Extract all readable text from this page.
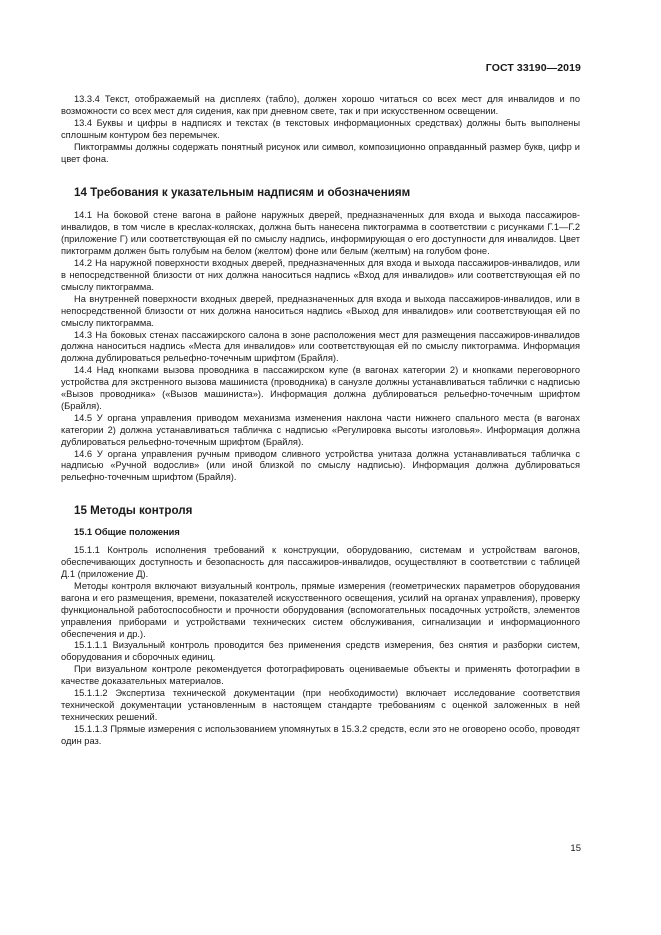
ГОСТ 33190—2019

13.3.4 Текст, отображаемый на дисплеях (табло), должен хорошо читаться со всех мест для инвалидов и по возможности со всех мест для сидения, как при дневном свете, так и при искусственном освещении.

13.4 Буквы и цифры в надписях и текстах (в текстовых информационных средствах) должны быть выполнены сплошным контуром без перемычек.

Пиктограммы должны содержать понятный рисунок или символ, композиционно оправданный размер букв, цифр и цвет фона.

14 Требования к указательным надписям и обозначениям

14.1 На боковой стене вагона в районе наружных дверей, предназначенных для входа и выхода пассажиров-инвалидов, в том числе в креслах-колясках, должна быть нанесена пиктограмма в соответствии с рисунками Г.1—Г.2 (приложение Г) или соответствующая ей по смыслу надпись, информирующая о его доступности для инвалидов. Цвет пиктограмм должен быть голубым на белом (желтом) фоне или белым (желтым) на голубом фоне.

14.2 На наружной поверхности входных дверей, предназначенных для входа и выхода пассажиров-инвалидов, или в непосредственной близости от них должна наноситься надпись «Вход для инвалидов» или соответствующая ей по смыслу пиктограмма.

На внутренней поверхности входных дверей, предназначенных для входа и выхода пассажиров-инвалидов, или в непосредственной близости от них должна наноситься надпись «Выход для инвалидов» или соответствующая ей по смыслу пиктограмма.

14.3 На боковых стенах пассажирского салона в зоне расположения мест для размещения пассажиров-инвалидов должна наноситься надпись «Места для инвалидов» или соответствующая ей по смыслу пиктограмма. Информация должна дублироваться рельефно-точечным шрифтом (Брайля).

14.4 Над кнопками вызова проводника в пассажирском купе (в вагонах категории 2) и кнопками переговорного устройства для экстренного вызова машиниста (проводника) в санузле должны устанавливаться таблички с надписью «Вызов проводника» («Вызов машиниста»). Информация должна дублироваться рельефно-точечным шрифтом (Брайля).

14.5 У органа управления приводом механизма изменения наклона части нижнего спального места (в вагонах категории 2) должна устанавливаться табличка с надписью «Регулировка высоты изголовья». Информация должна дублироваться рельефно-точечным шрифтом (Брайля).

14.6 У органа управления ручным приводом сливного устройства унитаза должна устанавливаться табличка с надписью «Ручной водослив» (или иной близкой по смыслу надписью). Информация должна дублироваться рельефно-точечным шрифтом (Брайля).

15 Методы контроля
15.1 Общие положения

15.1.1 Контроль исполнения требований к конструкции, оборудованию, системам и устройствам вагонов, обеспечивающих доступность и безопасность для пассажиров-инвалидов, осуществляют в соответствии с таблицей Д.1 (приложение Д).

Методы контроля включают визуальный контроль, прямые измерения (геометрических параметров оборудования вагона и его размещения, времени, показателей искусственного освещения, усилий на органах управления), проверку функциональной работоспособности и прочности оборудования (вспомогательных посадочных устройств, элементов управления приборами и устройствами технических систем обслуживания, сигнализации и информационного обеспечения и др.).

15.1.1.1 Визуальный контроль проводится без применения средств измерения, без снятия и разборки систем, оборудования и сборочных единиц.

При визуальном контроле рекомендуется фотографировать оцениваемые объекты и применять фотографии в качестве доказательных материалов.

15.1.1.2 Экспертиза технической документации (при необходимости) включает исследование соответствия технической документации установленным в настоящем стандарте требованиям с оценкой заложенных в ней технических решений.

15.1.1.3 Прямые измерения с использованием упомянутых в 15.3.2 средств, если это не оговорено особо, проводят один раз.

15
